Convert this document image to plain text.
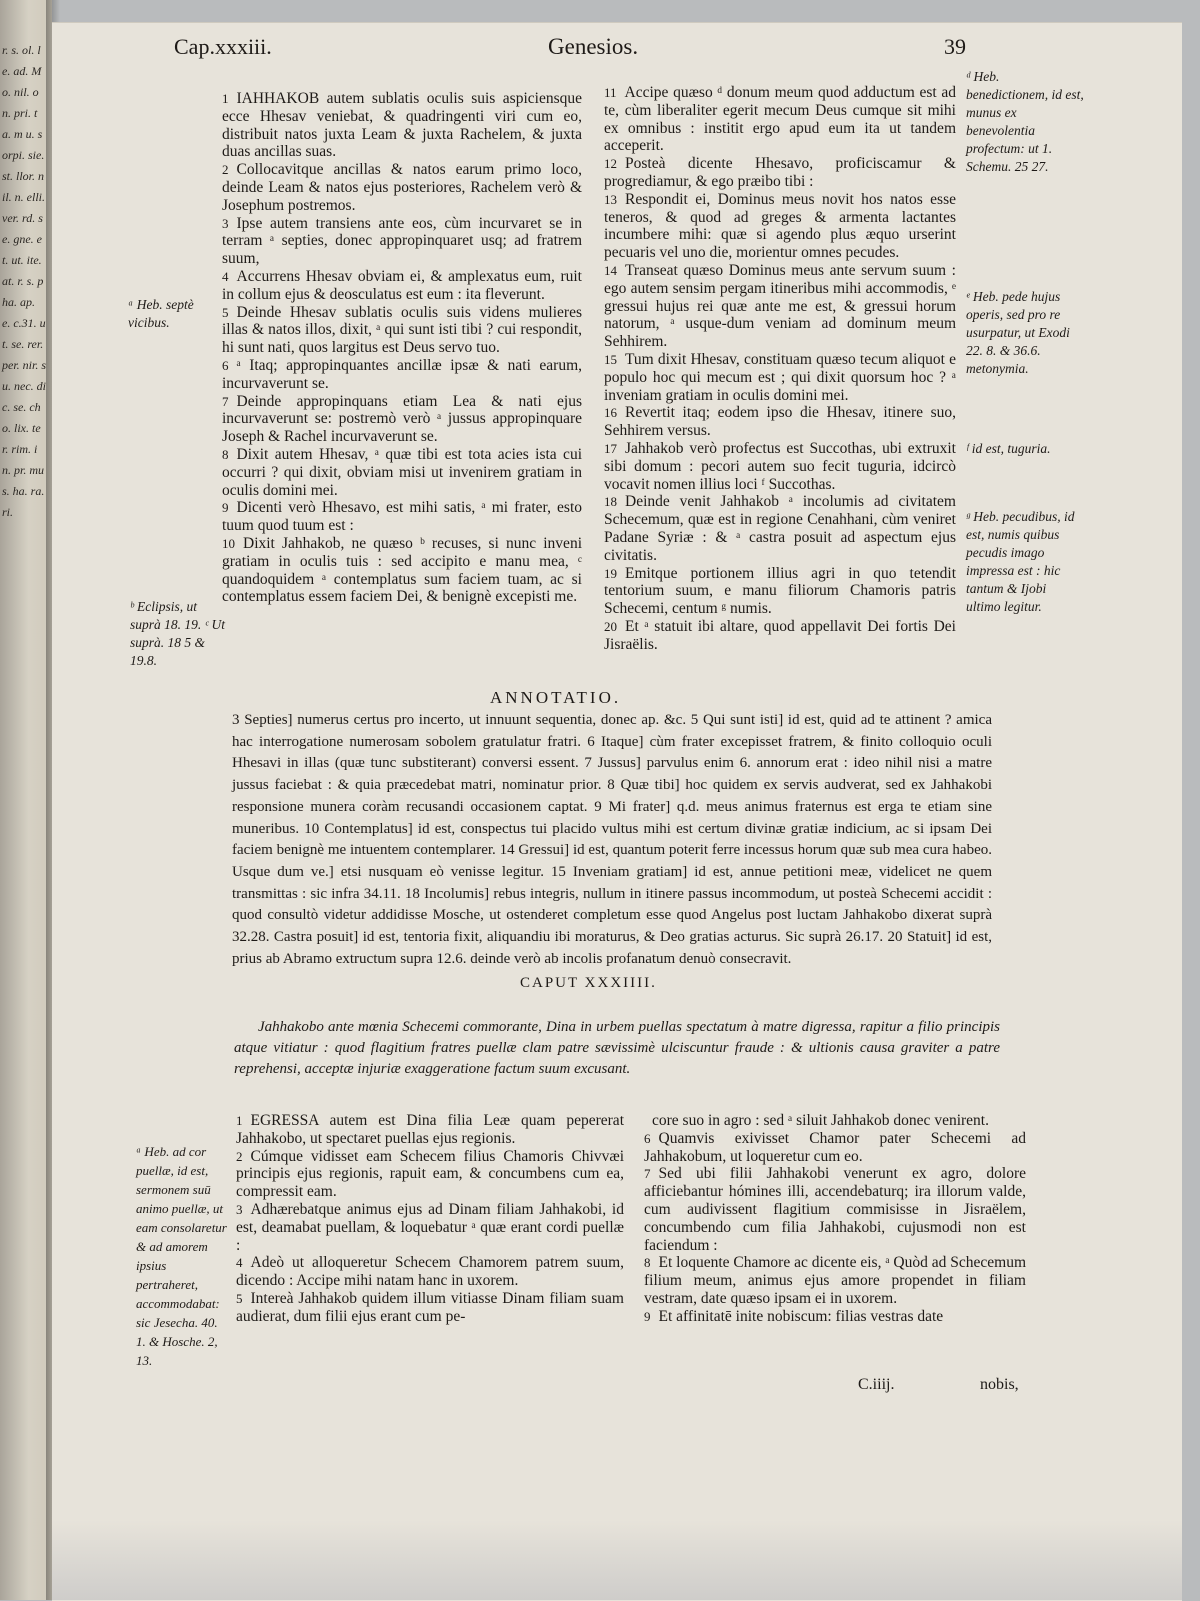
r. s. ol. le. ad. Mo. nil. on. pri. ta. m u. sorpi. sie. st. llor. nil. n. elli. ver. rd. se. gne. et. ut. ite. at. r. s. pha. ap. e. c.31. ut. se. rer. per. nir. su. nec. dic. se. cho. lix. ter. rim. in. pr. mus. ha. ra. ri.
Cap.xxxiii.	Genesios.	39
ᵃ Heb. septè vicibus.
ᵇ Eclipsis, ut suprà 18. 19. ᶜ Ut suprà. 18 5 & 19.8.

1 IAHHAKOB autem sublatis oculis suis aspiciensque ecce Hhesav veniebat, & quadringenti viri cum eo, distribuit natos juxta Leam & juxta Rachelem, & juxta duas ancillas suas.

2 Collocavitque ancillas & natos earum primo loco, deinde Leam & natos ejus posteriores, Rachelem verò & Josephum postremos.

3 Ipse autem transiens ante eos, cùm incurvaret se in terram ᵃ septies, donec appropinquaret usq; ad fratrem suum,

4 Accurrens Hhesav obviam ei, & amplexatus eum, ruit in collum ejus & deosculatus est eum : ita fleverunt.

5 Deinde Hhesav sublatis oculis suis videns mulieres illas & natos illos, dixit, ᵃ qui sunt isti tibi ? cui respondit, hi sunt nati, quos largitus est Deus servo tuo.

6 ᵃ Itaq; appropinquantes ancillæ ipsæ & nati earum, incurvaverunt se.

7 Deinde appropinquans etiam Lea & nati ejus incurvaverunt se: postremò verò ᵃ jussus appropinquare Joseph & Rachel incurvaverunt se.

8 Dixit autem Hhesav, ᵃ quæ tibi est tota acies ista cui occurri ? qui dixit, obviam misi ut invenirem gratiam in oculis domini mei.

9 Dicenti verò Hhesavo, est mihi satis, ᵃ mi frater, esto tuum quod tuum est :

10 Dixit Jahhakob, ne quæso ᵇ recuses, si nunc inveni gratiam in oculis tuis : sed accipito e manu mea, ᶜ quandoquidem ᵃ contemplatus sum faciem tuam, ac si contemplatus essem faciem Dei, & benignè excepisti me.

11 Accipe quæso ᵈ donum meum quod adductum est ad te, cùm liberaliter egerit mecum Deus cumque sit mihi ex omnibus : institit ergo apud eum ita ut tandem acceperit.

12 Posteà dicente Hhesavo, proficiscamur & progrediamur, & ego præibo tibi :

13 Respondit ei, Dominus meus novit hos natos esse teneros, & quod ad greges & armenta lactantes incumbere mihi: quæ si agendo plus æquo urserint pecuaris vel uno die, morientur omnes pecudes.

14 Transeat quæso Dominus meus ante servum suum : ego autem sensim pergam itineribus mihi accommodis, ᵉ gressui hujus rei quæ ante me est, & gressui horum natorum, ᵃ usque-dum veniam ad dominum meum Sehhirem.

15 Tum dixit Hhesav, constituam quæso tecum aliquot e populo hoc qui mecum est ; qui dixit quorsum hoc ? ᵃ inveniam gratiam in oculis domini mei.

16 Revertit itaq; eodem ipso die Hhesav, itinere suo, Sehhirem versus.

17 Jahhakob verò profectus est Succothas, ubi extruxit sibi domum : pecori autem suo fecit tuguria, idcircò vocavit nomen illius loci ᶠ Succothas.

18 Deinde venit Jahhakob ᵃ incolumis ad civitatem Schecemum, quæ est in regione Cenahhani, cùm veniret Padane Syriæ : & ᵃ castra posuit ad aspectum ejus civitatis.

19 Emitque portionem illius agri in quo tetendit tentorium suum, e manu filiorum Chamoris patris Schecemi, centum ᵍ numis.

20 Et ᵃ statuit ibi altare, quod appellavit Dei fortis Dei Jisraëlis.

ᵈ Heb. benedictionem, id est, munus ex benevolentia profectum: ut 1. Schemu. 25 27.
ᵉ Heb. pede hujus operis, sed pro re usurpatur, ut Exodi 22. 8. & 36.6. metonymia.
ᶠ id est, tuguria.
ᵍ Heb. pecudibus, id est, numis quibus pecudis imago impressa est : hic tantum & Ijobi ultimo legitur.
ANNOTATIO.
3 Septies] numerus certus pro incerto, ut innuunt sequentia, donec ap. &c. 5 Qui sunt isti] id est, quid ad te attinent ? amica hac interrogatione numerosam sobolem gratulatur fratri. 6 Itaque] cùm frater excepisset fratrem, & finito colloquio oculi Hhesavi in illas (quæ tunc substiterant) conversi essent. 7 Jussus] parvulus enim 6. annorum erat : ideo nihil nisi a matre jussus faciebat : & quia præcedebat matri, nominatur prior. 8 Quæ tibi] hoc quidem ex servis audverat, sed ex Jahhakobi responsione munera coràm recusandi occasionem captat. 9 Mi frater] q.d. meus animus fraternus est erga te etiam sine muneribus. 10 Contemplatus] id est, conspectus tui placido vultus mihi est certum divinæ gratiæ indicium, ac si ipsam Dei faciem benignè me intuentem contemplarer. 14 Gressui] id est, quantum poterit ferre incessus horum quæ sub mea cura habeo. Usque dum ve.] etsi nusquam eò venisse legitur. 15 Inveniam gratiam] id est, annue petitioni meæ, videlicet ne quem transmittas : sic infra 34.11. 18 Incolumis] rebus integris, nullum in itinere passus incommodum, ut posteà Schecemi accidit : quod consultò videtur addidisse Mosche, ut ostenderet completum esse quod Angelus post luctam Jahhakobo dixerat suprà 32.28. Castra posuit] id est, tentoria fixit, aliquandiu ibi moraturus, & Deo gratias acturus. Sic suprà 26.17. 20 Statuit] id est, prius ab Abramo extructum supra 12.6. deinde verò ab incolis profanatum denuò consecravit.
CAPUT XXXIIII.
Jahhakobo ante mœnia Schecemi commorante, Dina in urbem puellas spectatum à matre digressa, rapitur a filio principis atque vitiatur : quod flagitium fratres puellæ clam patre sævissimè ulciscuntur fraude : & ultionis causa graviter a patre reprehensi, acceptæ injuriæ exaggeratione factum suum excusant.
ᵃ Heb. ad cor puellæ, id est, sermonem suū animo puellæ, ut eam consolaretur & ad amorem ipsius pertraheret, accommodabat: sic Jesecha. 40. 1. & Hosche. 2, 13.

1 EGRESSA autem est Dina filia Leæ quam pepererat Jahhakobo, ut spectaret puellas ejus regionis.

2 Cúmque vidisset eam Schecem filius Chamoris Chivvæi principis ejus regionis, rapuit eam, & concumbens cum ea, compressit eam.

3 Adhærebatque animus ejus ad Dinam filiam Jahhakobi, id est, deamabat puellam, & loquebatur ᵃ quæ erant cordi puellæ :

4 Adeò ut alloqueretur Schecem Chamorem patrem suum, dicendo : Accipe mihi natam hanc in uxorem.

5 Intereà Jahhakob quidem illum vitiasse Dinam filiam suam audierat, dum filii ejus erant cum pe-

core suo in agro : sed ᵃ siluit Jahhakob donec venirent.

6 Quamvis exivisset Chamor pater Schecemi ad Jahhakobum, ut loqueretur cum eo.

7 Sed ubi filii Jahhakobi venerunt ex agro, dolore afficiebantur hómines illi, accendebaturq; ira illorum valde, cum audivissent flagitium commisisse in Jisraëlem, concumbendo cum filia Jahhakobi, cujusmodi non est faciendum :

8 Et loquente Chamore ac dicente eis, ᵃ Quòd ad Schecemum filium meum, animus ejus amore propendet in filiam vestram, date quæso ipsam ei in uxorem.

9 Et affinitatē inite nobiscum: filias vestras date

C.iiij.	nobis,
